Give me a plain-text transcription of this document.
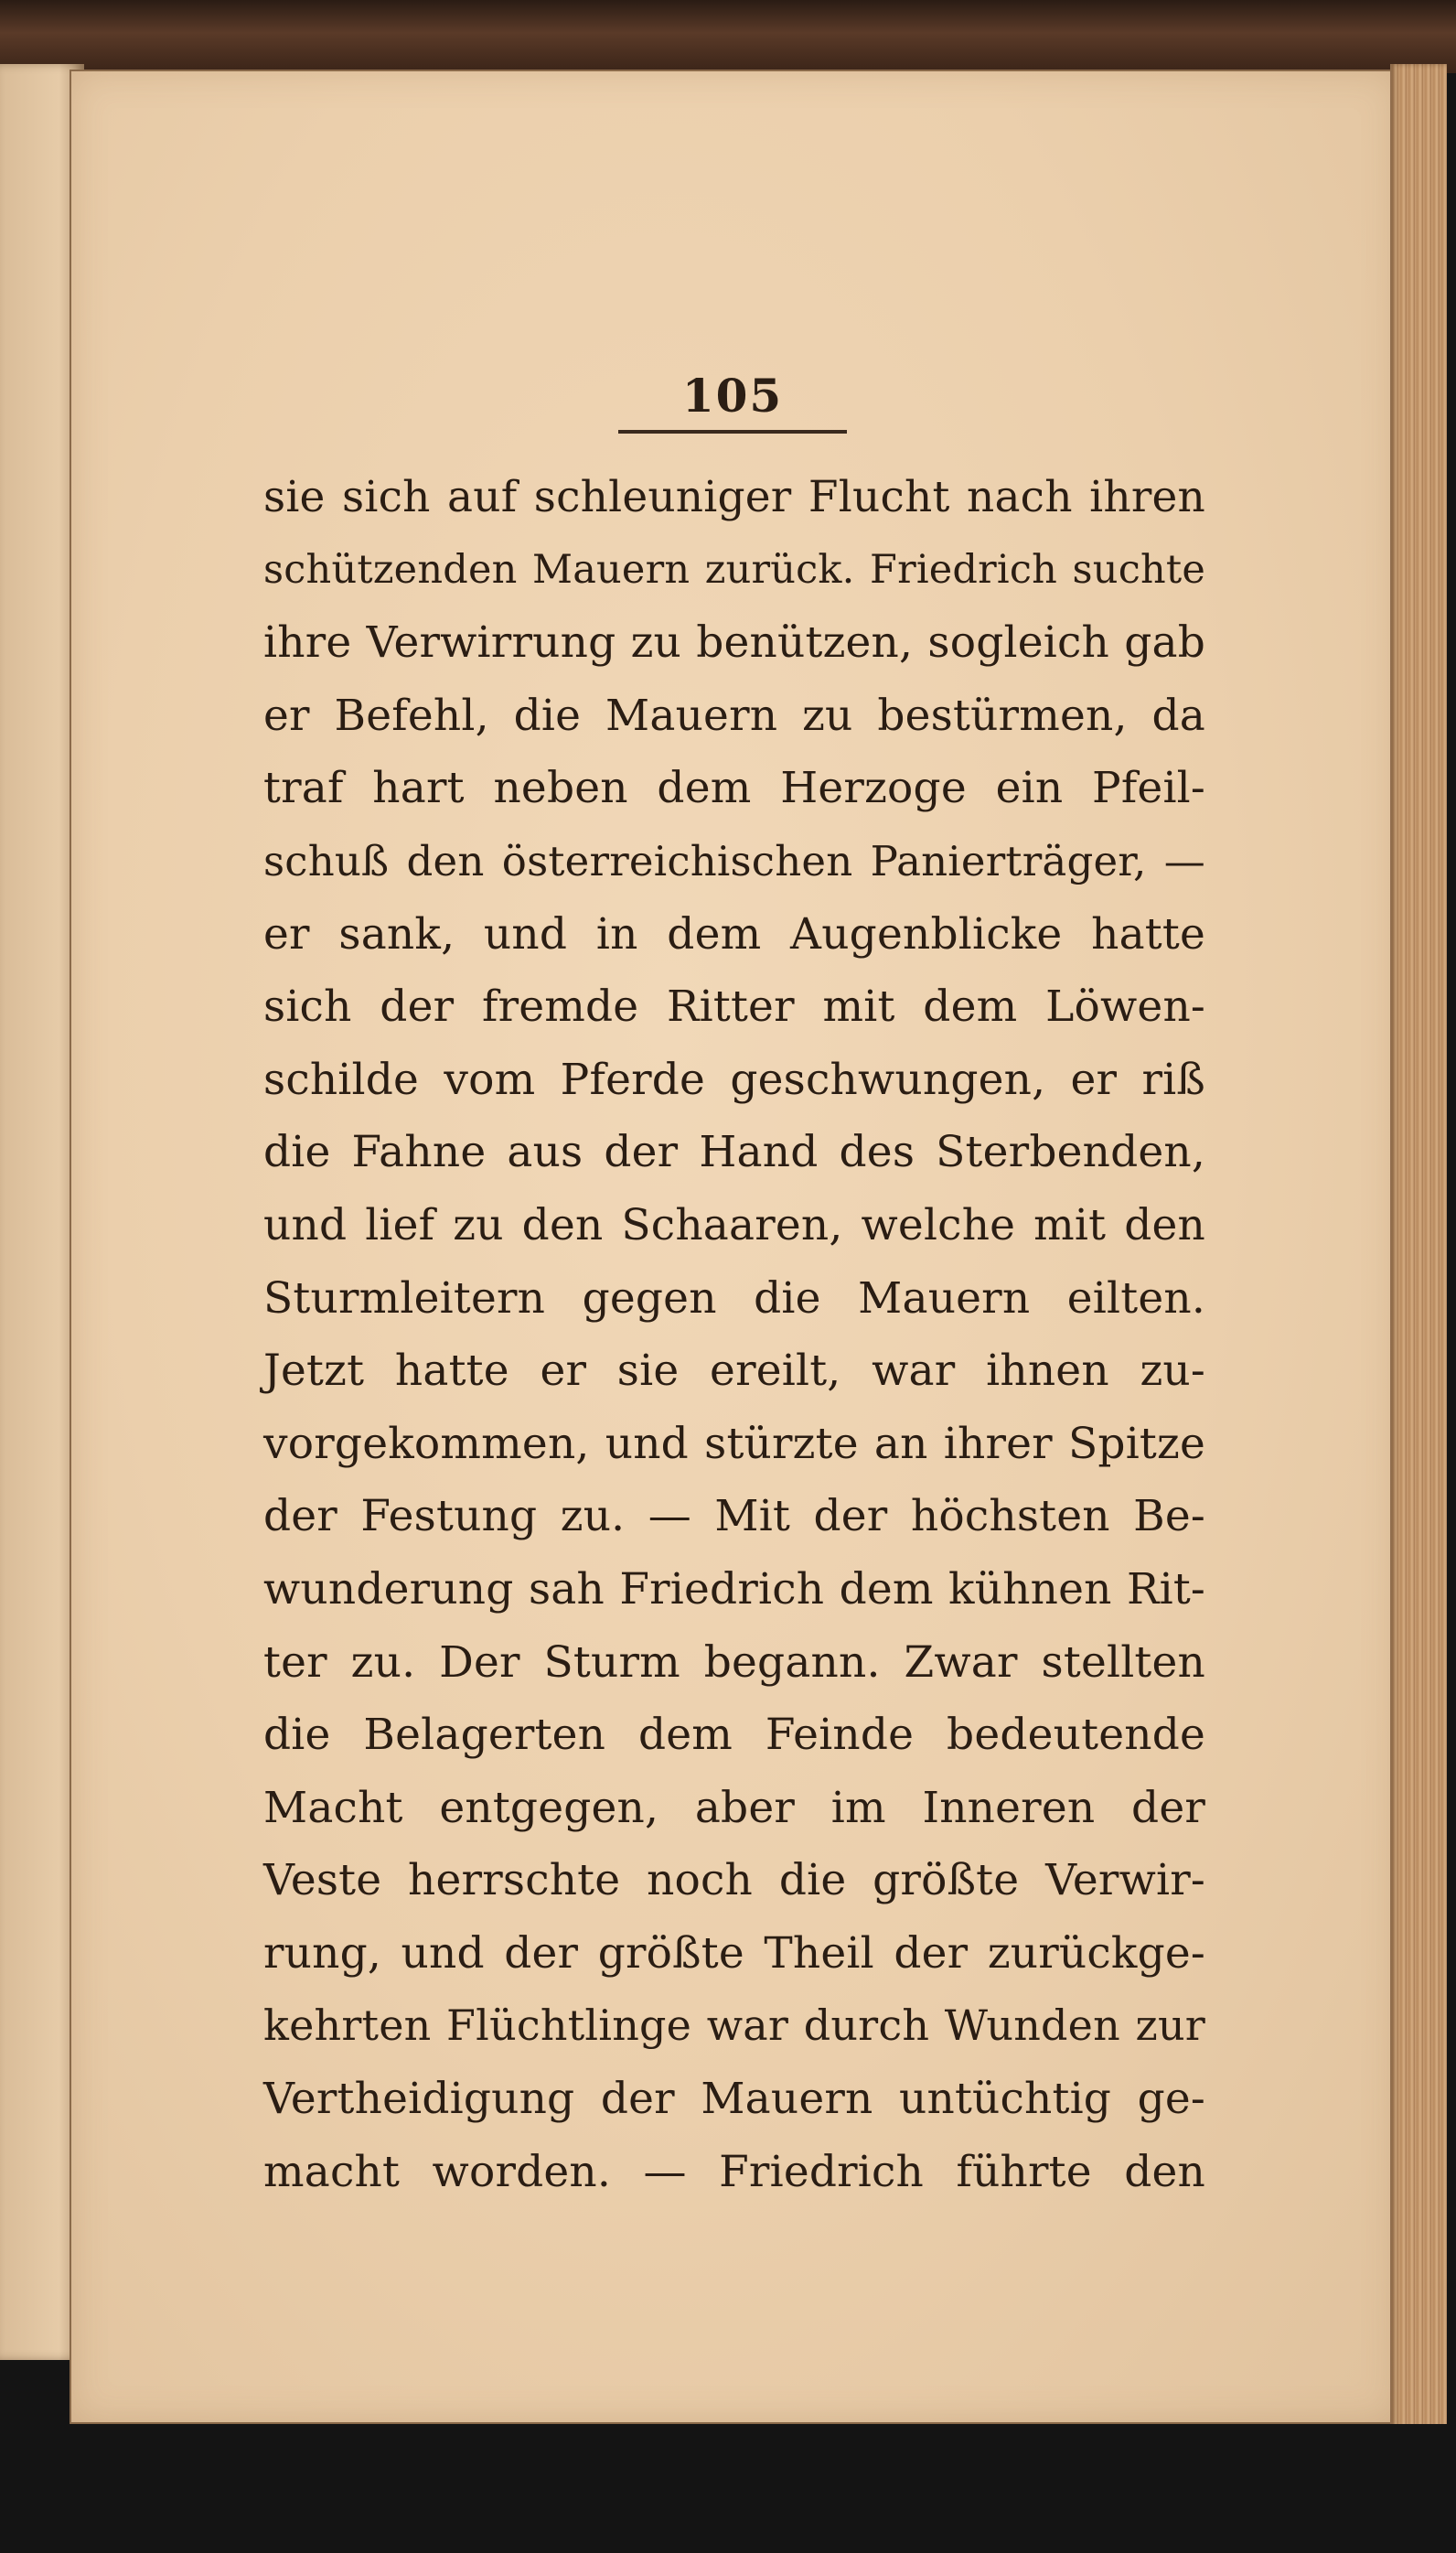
105
sie sich auf schleuniger Flucht nach ihren
schützenden Mauern zurück. Friedrich suchte
ihre Verwirrung zu benützen, sogleich gab
er Befehl, die Mauern zu bestürmen, da
traf hart neben dem Herzoge ein Pfeil-
schuß den österreichischen Panierträger, —
er sank, und in dem Augenblicke hatte
sich der fremde Ritter mit dem Löwen-
schilde vom Pferde geschwungen, er riß
die Fahne aus der Hand des Sterbenden,
und lief zu den Schaaren, welche mit den
Sturmleitern gegen die Mauern eilten.
Jetzt hatte er sie ereilt, war ihnen zu-
vorgekommen, und stürzte an ihrer Spitze
der Festung zu. — Mit der höchsten Be-
wunderung sah Friedrich dem kühnen Rit-
ter zu. Der Sturm begann. Zwar stellten
die Belagerten dem Feinde bedeutende
Macht entgegen, aber im Inneren der
Veste herrschte noch die größte Verwir-
rung, und der größte Theil der zurückge-
kehrten Flüchtlinge war durch Wunden zur
Vertheidigung der Mauern untüchtig ge-
macht worden. — Friedrich führte den
